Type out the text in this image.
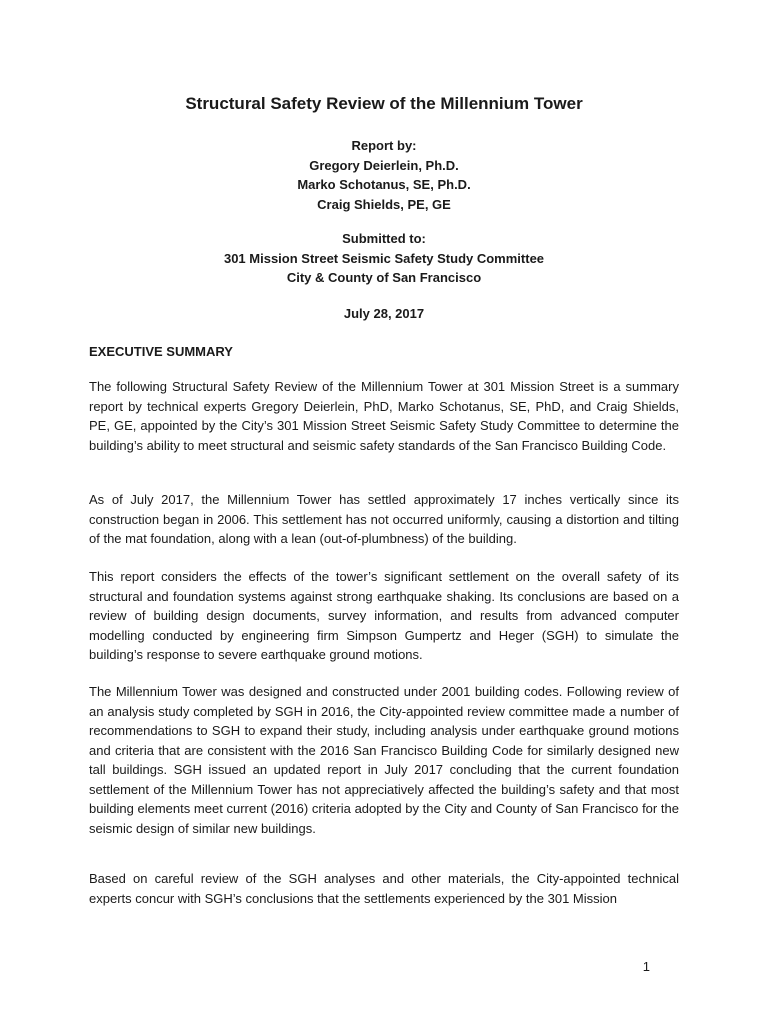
Structural Safety Review of the Millennium Tower
Report by:
Gregory Deierlein, Ph.D.
Marko Schotanus, SE, Ph.D.
Craig Shields, PE, GE
Submitted to:
301 Mission Street Seismic Safety Study Committee
City & County of San Francisco
July 28, 2017
EXECUTIVE SUMMARY

The following Structural Safety Review of the Millennium Tower at 301 Mission Street is a summary report by technical experts Gregory Deierlein, PhD, Marko Schotanus, SE, PhD, and Craig Shields, PE, GE, appointed by the City’s 301 Mission Street Seismic Safety Study Committee to determine the building’s ability to meet structural and seismic safety standards of the San Francisco Building Code.

As of July 2017, the Millennium Tower has settled approximately 17 inches vertically since its construction began in 2006. This settlement has not occurred uniformly, causing a distortion and tilting of the mat foundation, along with a lean (out-of-plumbness) of the building.

This report considers the effects of the tower’s significant settlement on the overall safety of its structural and foundation systems against strong earthquake shaking. Its conclusions are based on a review of building design documents, survey information, and results from advanced computer modelling conducted by engineering firm Simpson Gumpertz and Heger (SGH) to simulate the building’s response to severe earthquake ground motions.

The Millennium Tower was designed and constructed under 2001 building codes. Following review of an analysis study completed by SGH in 2016, the City-appointed review committee made a number of recommendations to SGH to expand their study, including analysis under earthquake ground motions and criteria that are consistent with the 2016 San Francisco Building Code for similarly designed new tall buildings. SGH issued an updated report in July 2017 concluding that the current foundation settlement of the Millennium Tower has not appreciatively affected the building’s safety and that most building elements meet current (2016) criteria adopted by the City and County of San Francisco for the seismic design of similar new buildings.

Based on careful review of the SGH analyses and other materials, the City-appointed technical experts concur with SGH’s conclusions that the settlements experienced by the 301 Mission

1
